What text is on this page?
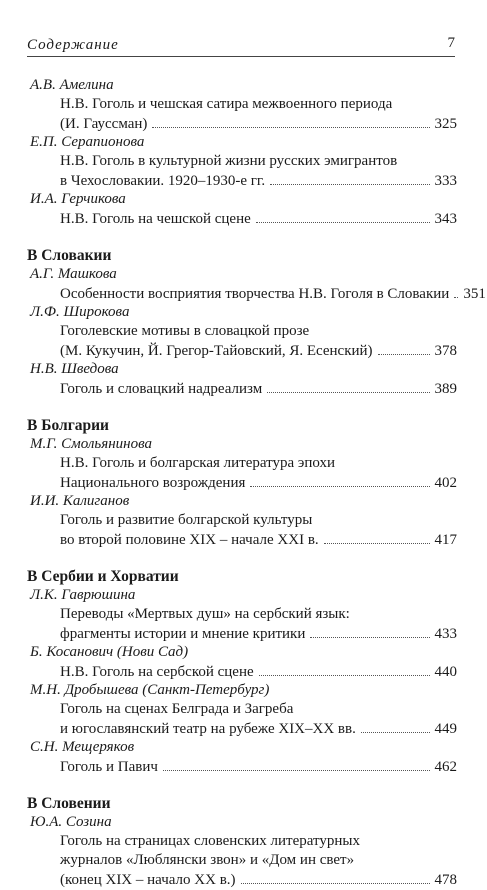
Содержание	7
А.В. Амелина
Н.В. Гоголь и чешская сатира межвоенного периода
(И. Гауссман)	325
Е.П. Серапионова
Н.В. Гоголь в культурной жизни русских эмигрантов
в Чехословакии. 1920–1930-е гг.	333
И.А. Герчикова
Н.В. Гоголь на чешской сцене	343
В Словакии
А.Г. Машкова
Особенности восприятия творчества Н.В. Гоголя в Словакии 351
Л.Ф. Широкова
Гоголевские мотивы в словацкой прозе
(М. Кукучин, Й. Грегор-Тайовский, Я. Есенский)	378
Н.В. Шведова
Гоголь и словацкий надреализм	389
В Болгарии
М.Г. Смольянинова
Н.В. Гоголь и болгарская литература эпохи
Национального возрождения	402
И.И. Калиганов
Гоголь и развитие болгарской культуры
во второй половине XIX – начале XXI в.	417
В Сербии и Хорватии
Л.К. Гаврюшина
Переводы «Мертвых душ» на сербский язык:
фрагменты истории и мнение критики	433
Б. Косанович (Нови Сад)
Н.В. Гоголь на сербской сцене	440
М.Н. Дробышева (Санкт-Петербург)
Гоголь на сценах Белграда и Загреба
и югославянский театр на рубеже XIX–XX вв.	449
С.Н. Мещеряков
Гоголь и Павич	462
В Словении
Ю.А. Созина
Гоголь на страницах словенских литературных
журналов «Люблянски звон» и «Дом ин свет»
(конец XIX – начало XX в.)	478
